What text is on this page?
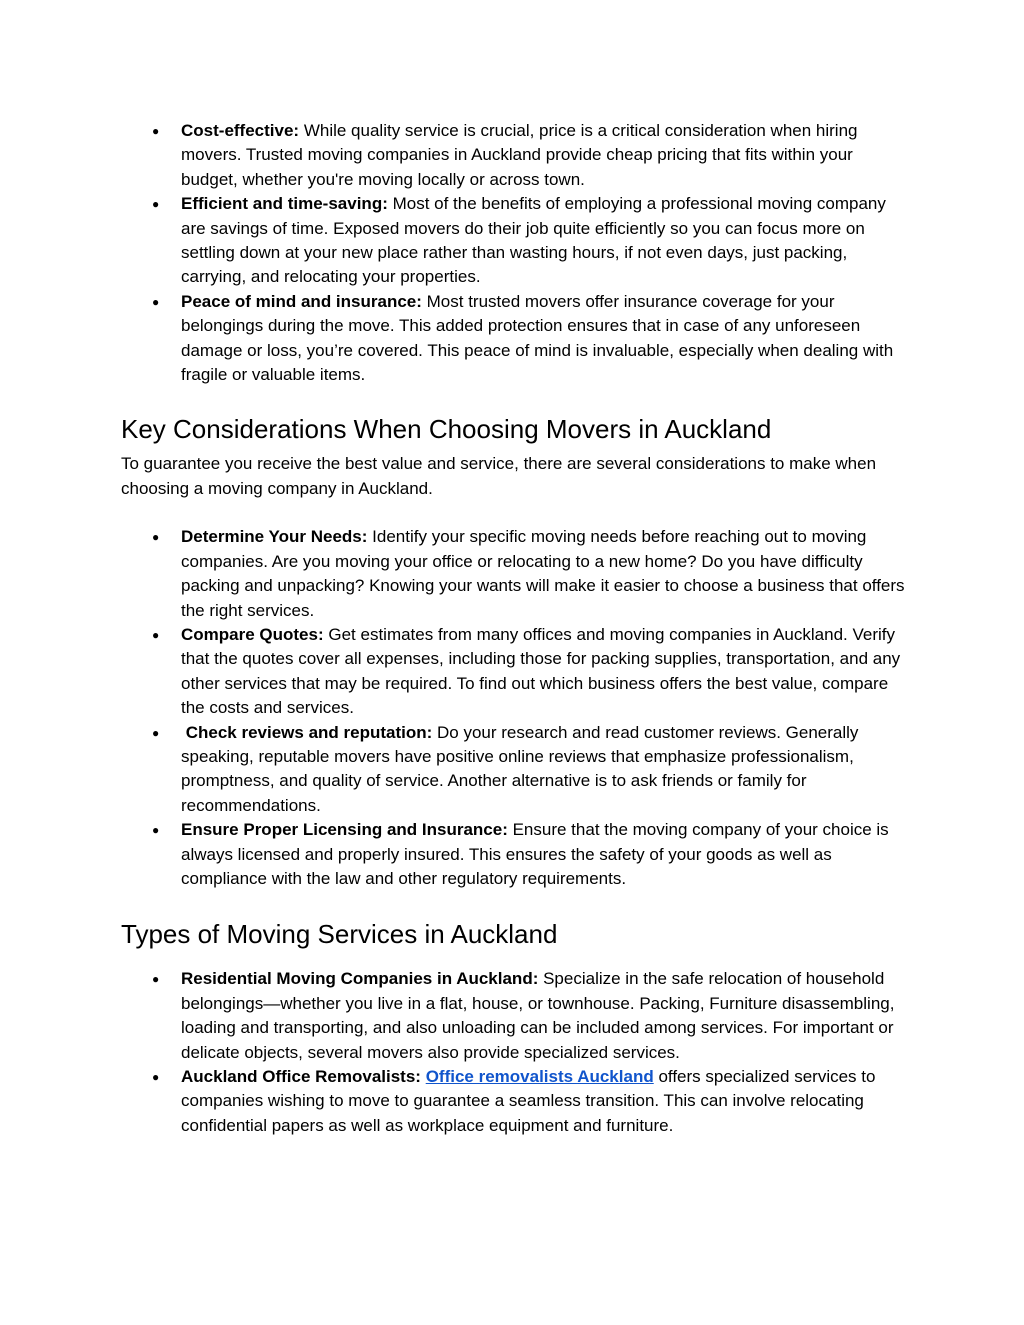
● Cost-effective: While quality service is crucial, price is a critical consideration when hiring movers. Trusted moving companies in Auckland provide cheap pricing that fits within your budget, whether you're moving locally or across town.
● Efficient and time-saving: Most of the benefits of employing a professional moving company are savings of time. Exposed movers do their job quite efficiently so you can focus more on settling down at your new place rather than wasting hours, if not even days, just packing, carrying, and relocating your properties.
● Peace of mind and insurance: Most trusted movers offer insurance coverage for your belongings during the move. This added protection ensures that in case of any unforeseen damage or loss, you’re covered. This peace of mind is invaluable, especially when dealing with fragile or valuable items.
Key Considerations When Choosing Movers in Auckland

To guarantee you receive the best value and service, there are several considerations to make when choosing a moving company in Auckland.

● Determine Your Needs: Identify your specific moving needs before reaching out to moving companies. Are you moving your office or relocating to a new home? Do you have difficulty packing and unpacking? Knowing your wants will make it easier to choose a business that offers the right services.
● Compare Quotes: Get estimates from many offices and moving companies in Auckland. Verify that the quotes cover all expenses, including those for packing supplies, transportation, and any other services that may be required. To find out which business offers the best value, compare the costs and services.
● Check reviews and reputation: Do your research and read customer reviews. Generally speaking, reputable movers have positive online reviews that emphasize professionalism, promptness, and quality of service. Another alternative is to ask friends or family for recommendations.
● Ensure Proper Licensing and Insurance: Ensure that the moving company of your choice is always licensed and properly insured. This ensures the safety of your goods as well as compliance with the law and other regulatory requirements.
Types of Moving Services in Auckland
● Residential Moving Companies in Auckland: Specialize in the safe relocation of household belongings—whether you live in a flat, house, or townhouse. Packing, Furniture disassembling, loading and transporting, and also unloading can be included among services. For important or delicate objects, several movers also provide specialized services.
● Auckland Office Removalists: Office removalists Auckland offers specialized services to companies wishing to move to guarantee a seamless transition. This can involve relocating confidential papers as well as workplace equipment and furniture.
